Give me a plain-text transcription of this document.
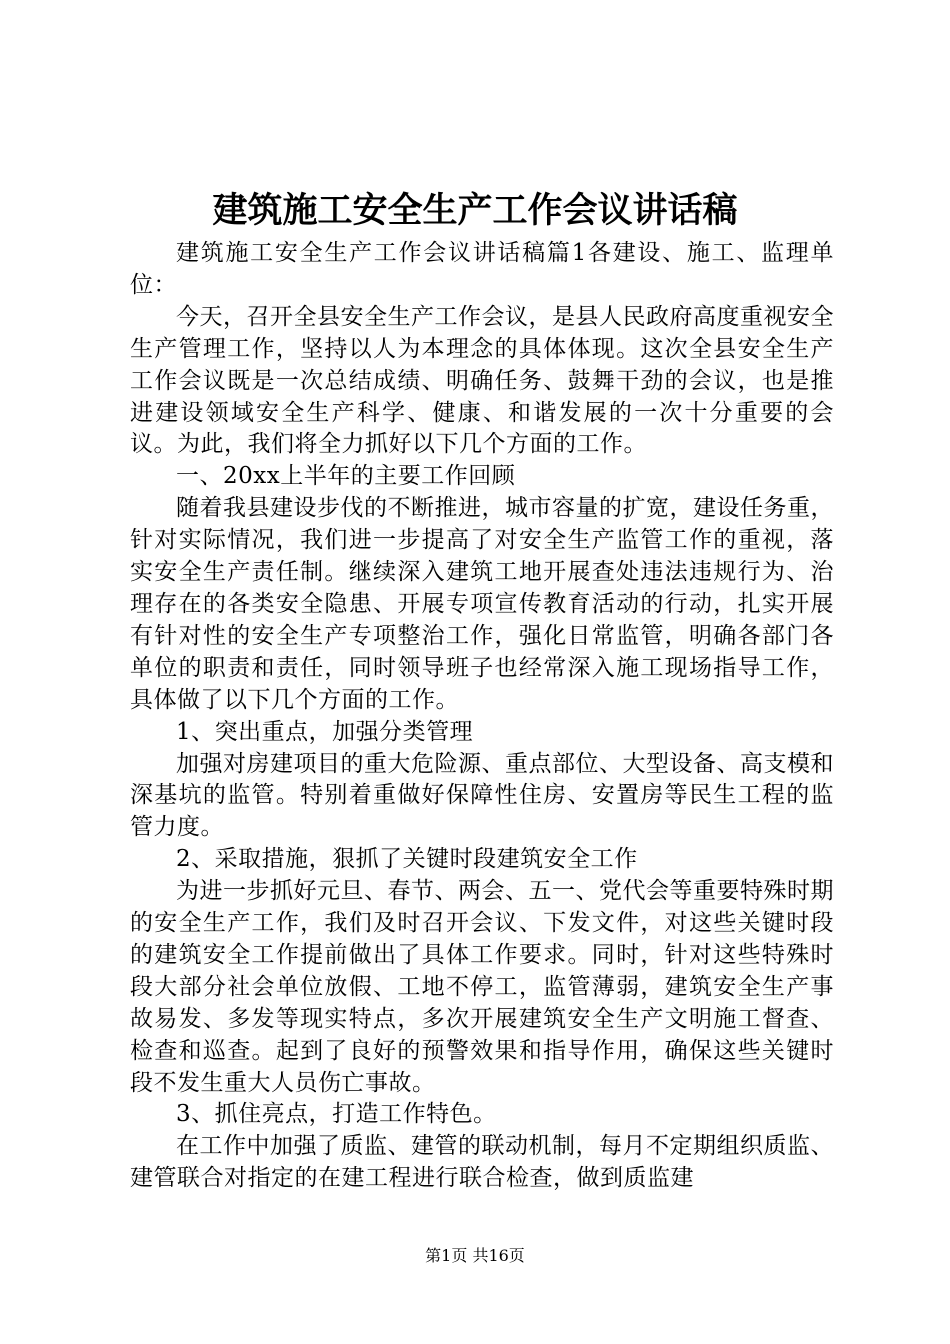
建筑施工安全生产工作会议讲话稿

建筑施工安全生产工作会议讲话稿篇1各建设、施工、监理单位：

今天，召开全县安全生产工作会议，是县人民政府高度重视安全生产管理工作，坚持以人为本理念的具体体现。这次全县安全生产工作会议既是一次总结成绩、明确任务、鼓舞干劲的会议，也是推进建设领域安全生产科学、健康、和谐发展的一次十分重要的会议。为此，我们将全力抓好以下几个方面的工作。

一、20xx上半年的主要工作回顾

随着我县建设步伐的不断推进，城市容量的扩宽，建设任务重，针对实际情况，我们进一步提高了对安全生产监管工作的重视，落实安全生产责任制。继续深入建筑工地开展查处违法违规行为、治理存在的各类安全隐患、开展专项宣传教育活动的行动，扎实开展有针对性的安全生产专项整治工作，强化日常监管，明确各部门各单位的职责和责任，同时领导班子也经常深入施工现场指导工作，具体做了以下几个方面的工作。

1、突出重点，加强分类管理

加强对房建项目的重大危险源、重点部位、大型设备、高支模和深基坑的监管。特别着重做好保障性住房、安置房等民生工程的监管力度。

2、采取措施，狠抓了关键时段建筑安全工作

为进一步抓好元旦、春节、两会、五一、党代会等重要特殊时期的安全生产工作，我们及时召开会议、下发文件，对这些关键时段的建筑安全工作提前做出了具体工作要求。同时，针对这些特殊时段大部分社会单位放假、工地不停工，监管薄弱，建筑安全生产事故易发、多发等现实特点，多次开展建筑安全生产文明施工督查、检查和巡查。起到了良好的预警效果和指导作用，确保这些关键时段不发生重大人员伤亡事故。

3、抓住亮点，打造工作特色。

在工作中加强了质监、建管的联动机制，每月不定期组织质监、建管联合对指定的在建工程进行联合检查，做到质监建

第1页 共16页
